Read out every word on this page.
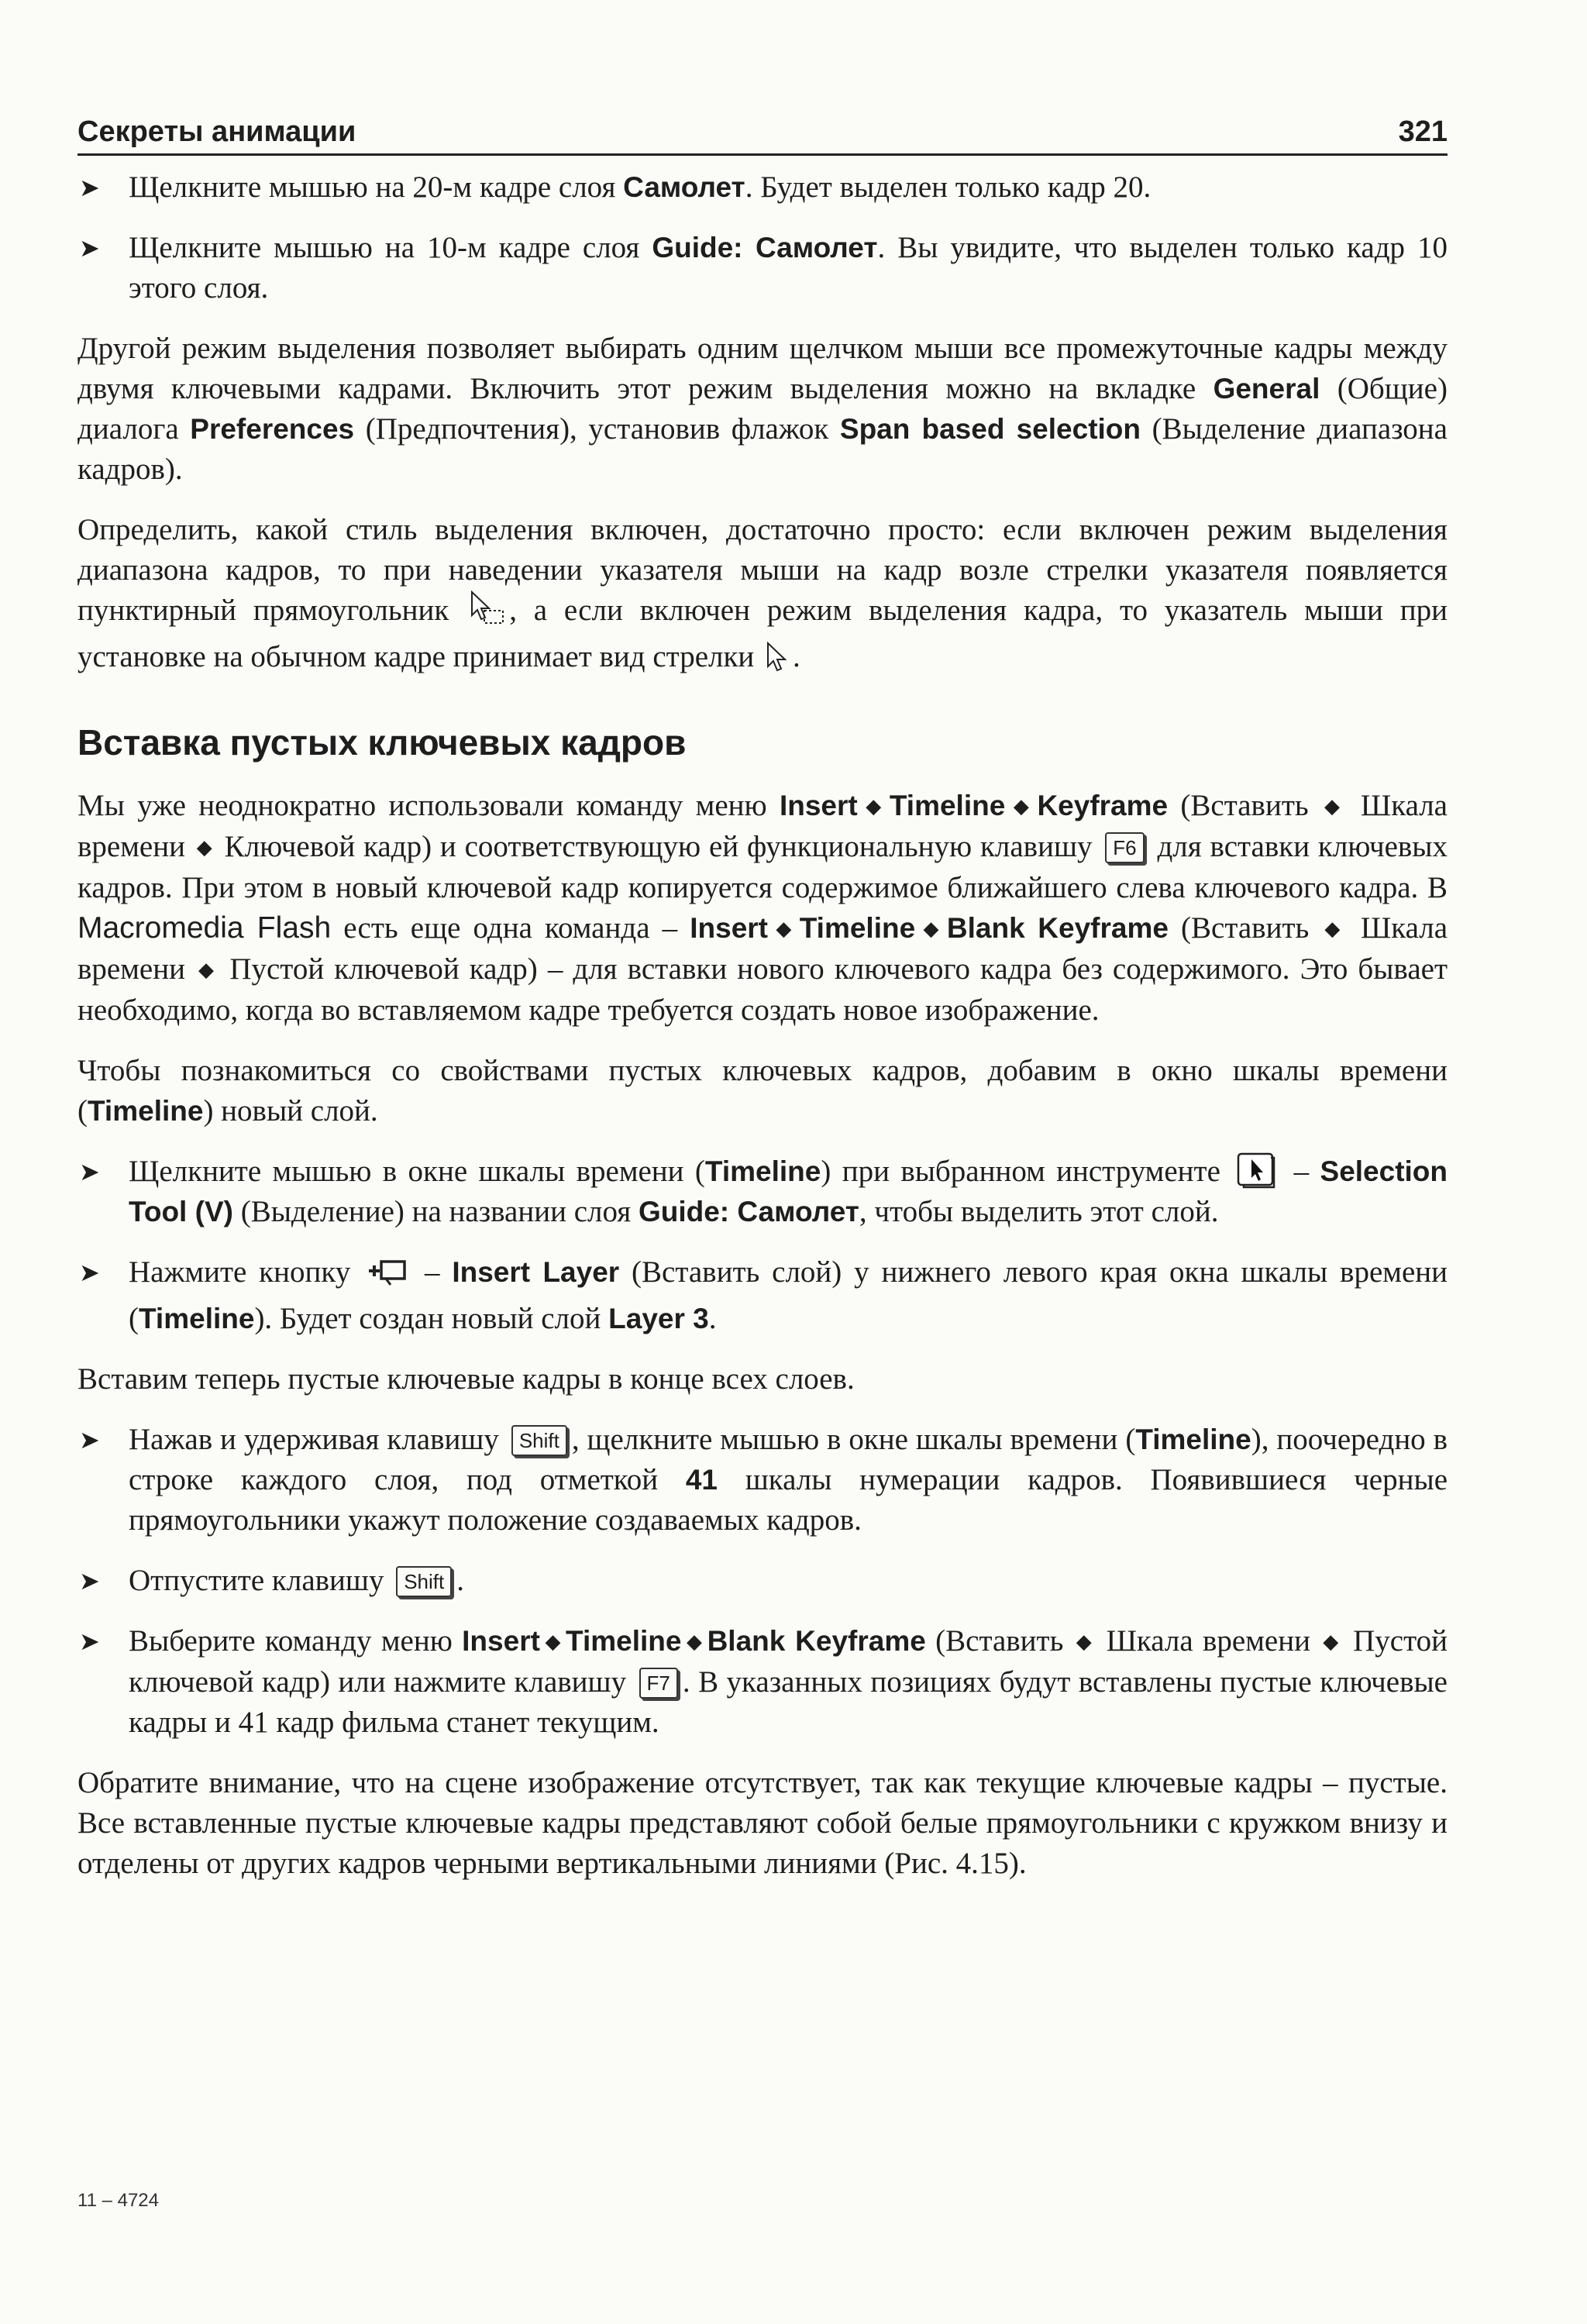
Секреты анимации	321
➤ Щелкните мышью на 20-м кадре слоя Самолет. Будет выделен только кадр 20.
➤ Щелкните мышью на 10-м кадре слоя Guide: Самолет. Вы увидите, что выделен только кадр 10 этого слоя.
Другой режим выделения позволяет выбирать одним щелчком мыши все промежуточные кадры между двумя ключевыми кадрами. Включить этот режим выделения можно на вкладке General (Общие) диалога Preferences (Предпочтения), установив флажок Span based selection (Выделение диапазона кадров).
Определить, какой стиль выделения включен, достаточно просто: если включен режим выделения диапазона кадров, то при наведении указателя мыши на кадр возле стрелки указателя появляется пунктирный прямоугольник , а если включен режим выделения кадра, то указатель мыши при установке на обычном кадре принимает вид стрелки .
Вставка пустых ключевых кадров
Мы уже неоднократно использовали команду меню Insert ◆ Timeline ◆ Keyframe (Вставить ◆ Шкала времени ◆ Ключевой кадр) и соответствующую ей функциональную клавишу F6 для вставки ключевых кадров. При этом в новый ключевой кадр копируется содержимое ближайшего слева ключевого кадра. В Macromedia Flash есть еще одна команда – Insert ◆ Timeline ◆ Blank Keyframe (Вставить ◆ Шкала времени ◆ Пустой ключевой кадр) – для вставки нового ключевого кадра без содержимого. Это бывает необходимо, когда во вставляемом кадре требуется создать новое изображение.
Чтобы познакомиться со свойствами пустых ключевых кадров, добавим в окно шкалы времени (Timeline) новый слой.
➤ Щелкните мышью в окне шкалы времени (Timeline) при выбранном инструменте  – Selection Tool (V) (Выделение) на названии слоя Guide: Самолет, чтобы выделить этот слой.
➤ Нажмите кнопку  – Insert Layer (Вставить слой) у нижнего левого края окна шкалы времени (Timeline). Будет создан новый слой Layer 3.
Вставим теперь пустые ключевые кадры в конце всех слоев.
➤ Нажав и удерживая клавишу Shift , щелкните мышью в окне шкалы времени (Timeline), поочередно в строке каждого слоя, под отметкой 41 шкалы нумерации кадров. Появившиеся черные прямоугольники укажут положение создаваемых кадров.
➤ Отпустите клавишу Shift .
➤ Выберите команду меню Insert ◆ Timeline ◆ Blank Keyframe (Вставить ◆ Шкала времени ◆ Пустой ключевой кадр) или нажмите клавишу F7 . В указанных позициях будут вставлены пустые ключевые кадры и 41 кадр фильма станет текущим.
Обратите внимание, что на сцене изображение отсутствует, так как текущие ключевые кадры – пустые. Все вставленные пустые ключевые кадры представляют собой белые прямоугольники с кружком внизу и отделены от других кадров черными вертикальными линиями (Рис. 4.15).
11 – 4724
